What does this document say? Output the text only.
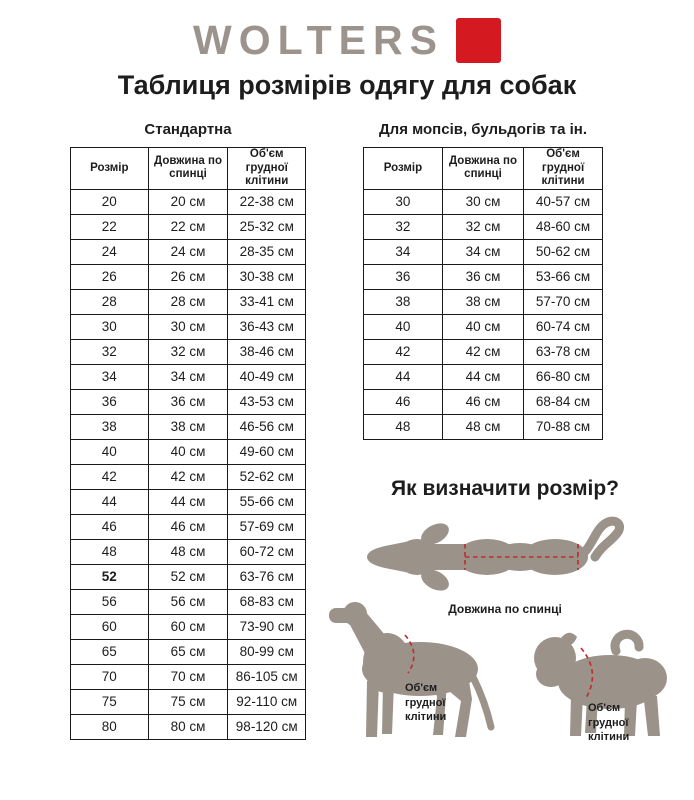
WOLTERS
Таблиця розмірів одягу для собак

Стандартна

Розмір	Довжина по спинці	Об'єм грудної клітини
20	20 см	22-38 см
22	22 см	25-32 см
24	24 см	28-35 см
26	26 см	30-38 см
28	28 см	33-41 см
30	30 см	36-43 см
32	32 см	38-46 см
34	34 см	40-49 см
36	36 см	43-53 см
38	38 см	46-56 см
40	40 см	49-60 см
42	42 см	52-62 см
44	44 см	55-66 см
46	46 см	57-69 см
48	48 см	60-72 см
52	52 см	63-76 см
56	56 см	68-83 см
60	60 см	73-90 см
65	65 см	80-99 см
70	70 см	86-105 см
75	75 см	92-110 см
80	80 см	98-120 см

Для мопсів, бульдогів та ін.

Розмір	Довжина по спинці	Об'єм грудної клітини
30	30 см	40-57 см
32	32 см	48-60 см
34	34 см	50-62 см
36	36 см	53-66 см
38	38 см	57-70 см
40	40 см	60-74 см
42	42 см	63-78 см
44	44 см	66-80 см
46	46 см	68-84 см
48	48 см	70-88 см

Як визначити розмір?

Довжина по спинці
Об'єм грудної клітини
Об'єм грудної клітини
